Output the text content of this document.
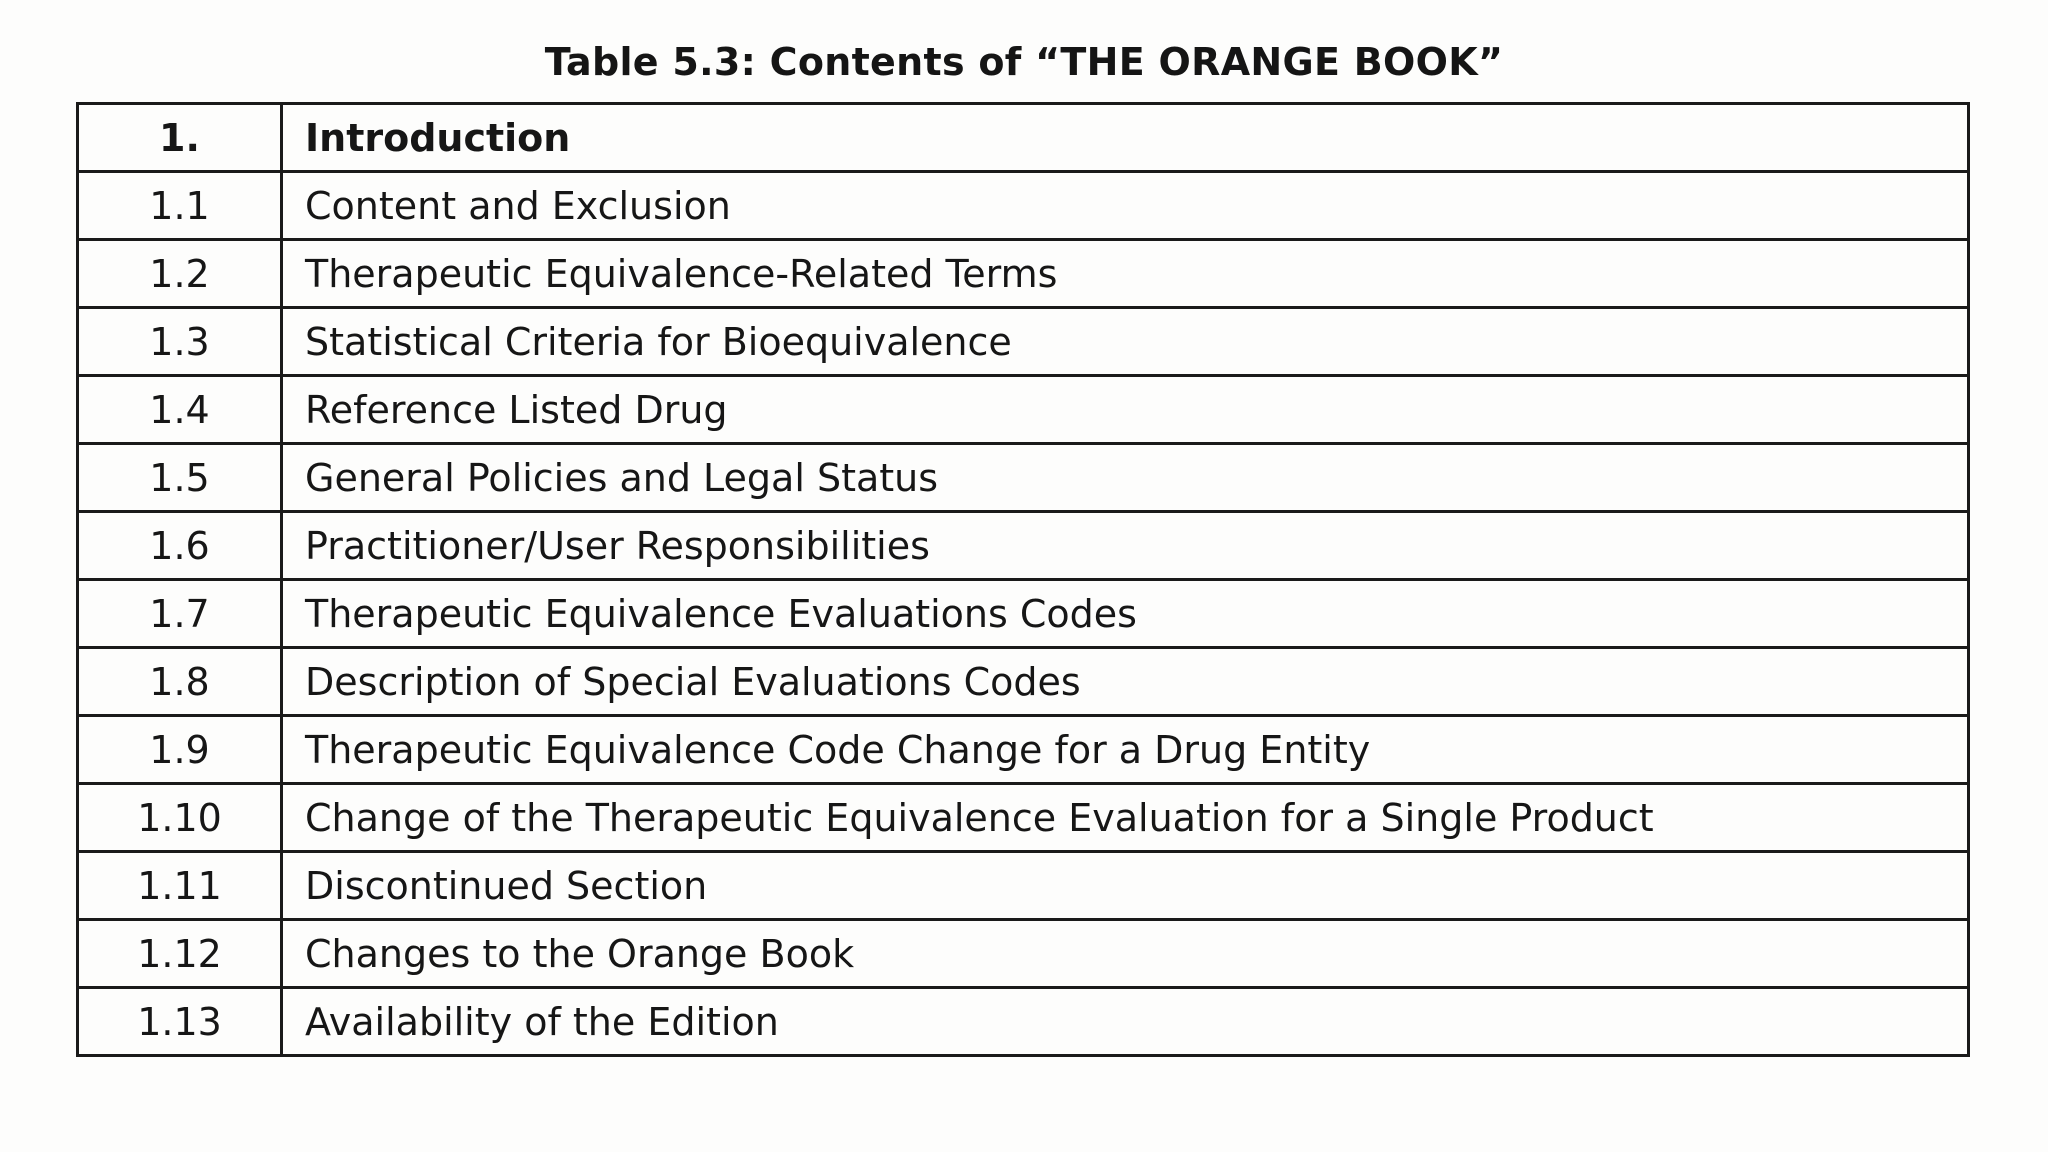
Table 5.3: Contents of “THE ORANGE BOOK”
1.	Introduction
1.1	Content and Exclusion
1.2	Therapeutic Equivalence-Related Terms
1.3	Statistical Criteria for Bioequivalence
1.4	Reference Listed Drug
1.5	General Policies and Legal Status
1.6	Practitioner/User Responsibilities
1.7	Therapeutic Equivalence Evaluations Codes
1.8	Description of Special Evaluations Codes
1.9	Therapeutic Equivalence Code Change for a Drug Entity
1.10	Change of the Therapeutic Equivalence Evaluation for a Single Product
1.11	Discontinued Section
1.12	Changes to the Orange Book
1.13	Availability of the Edition
